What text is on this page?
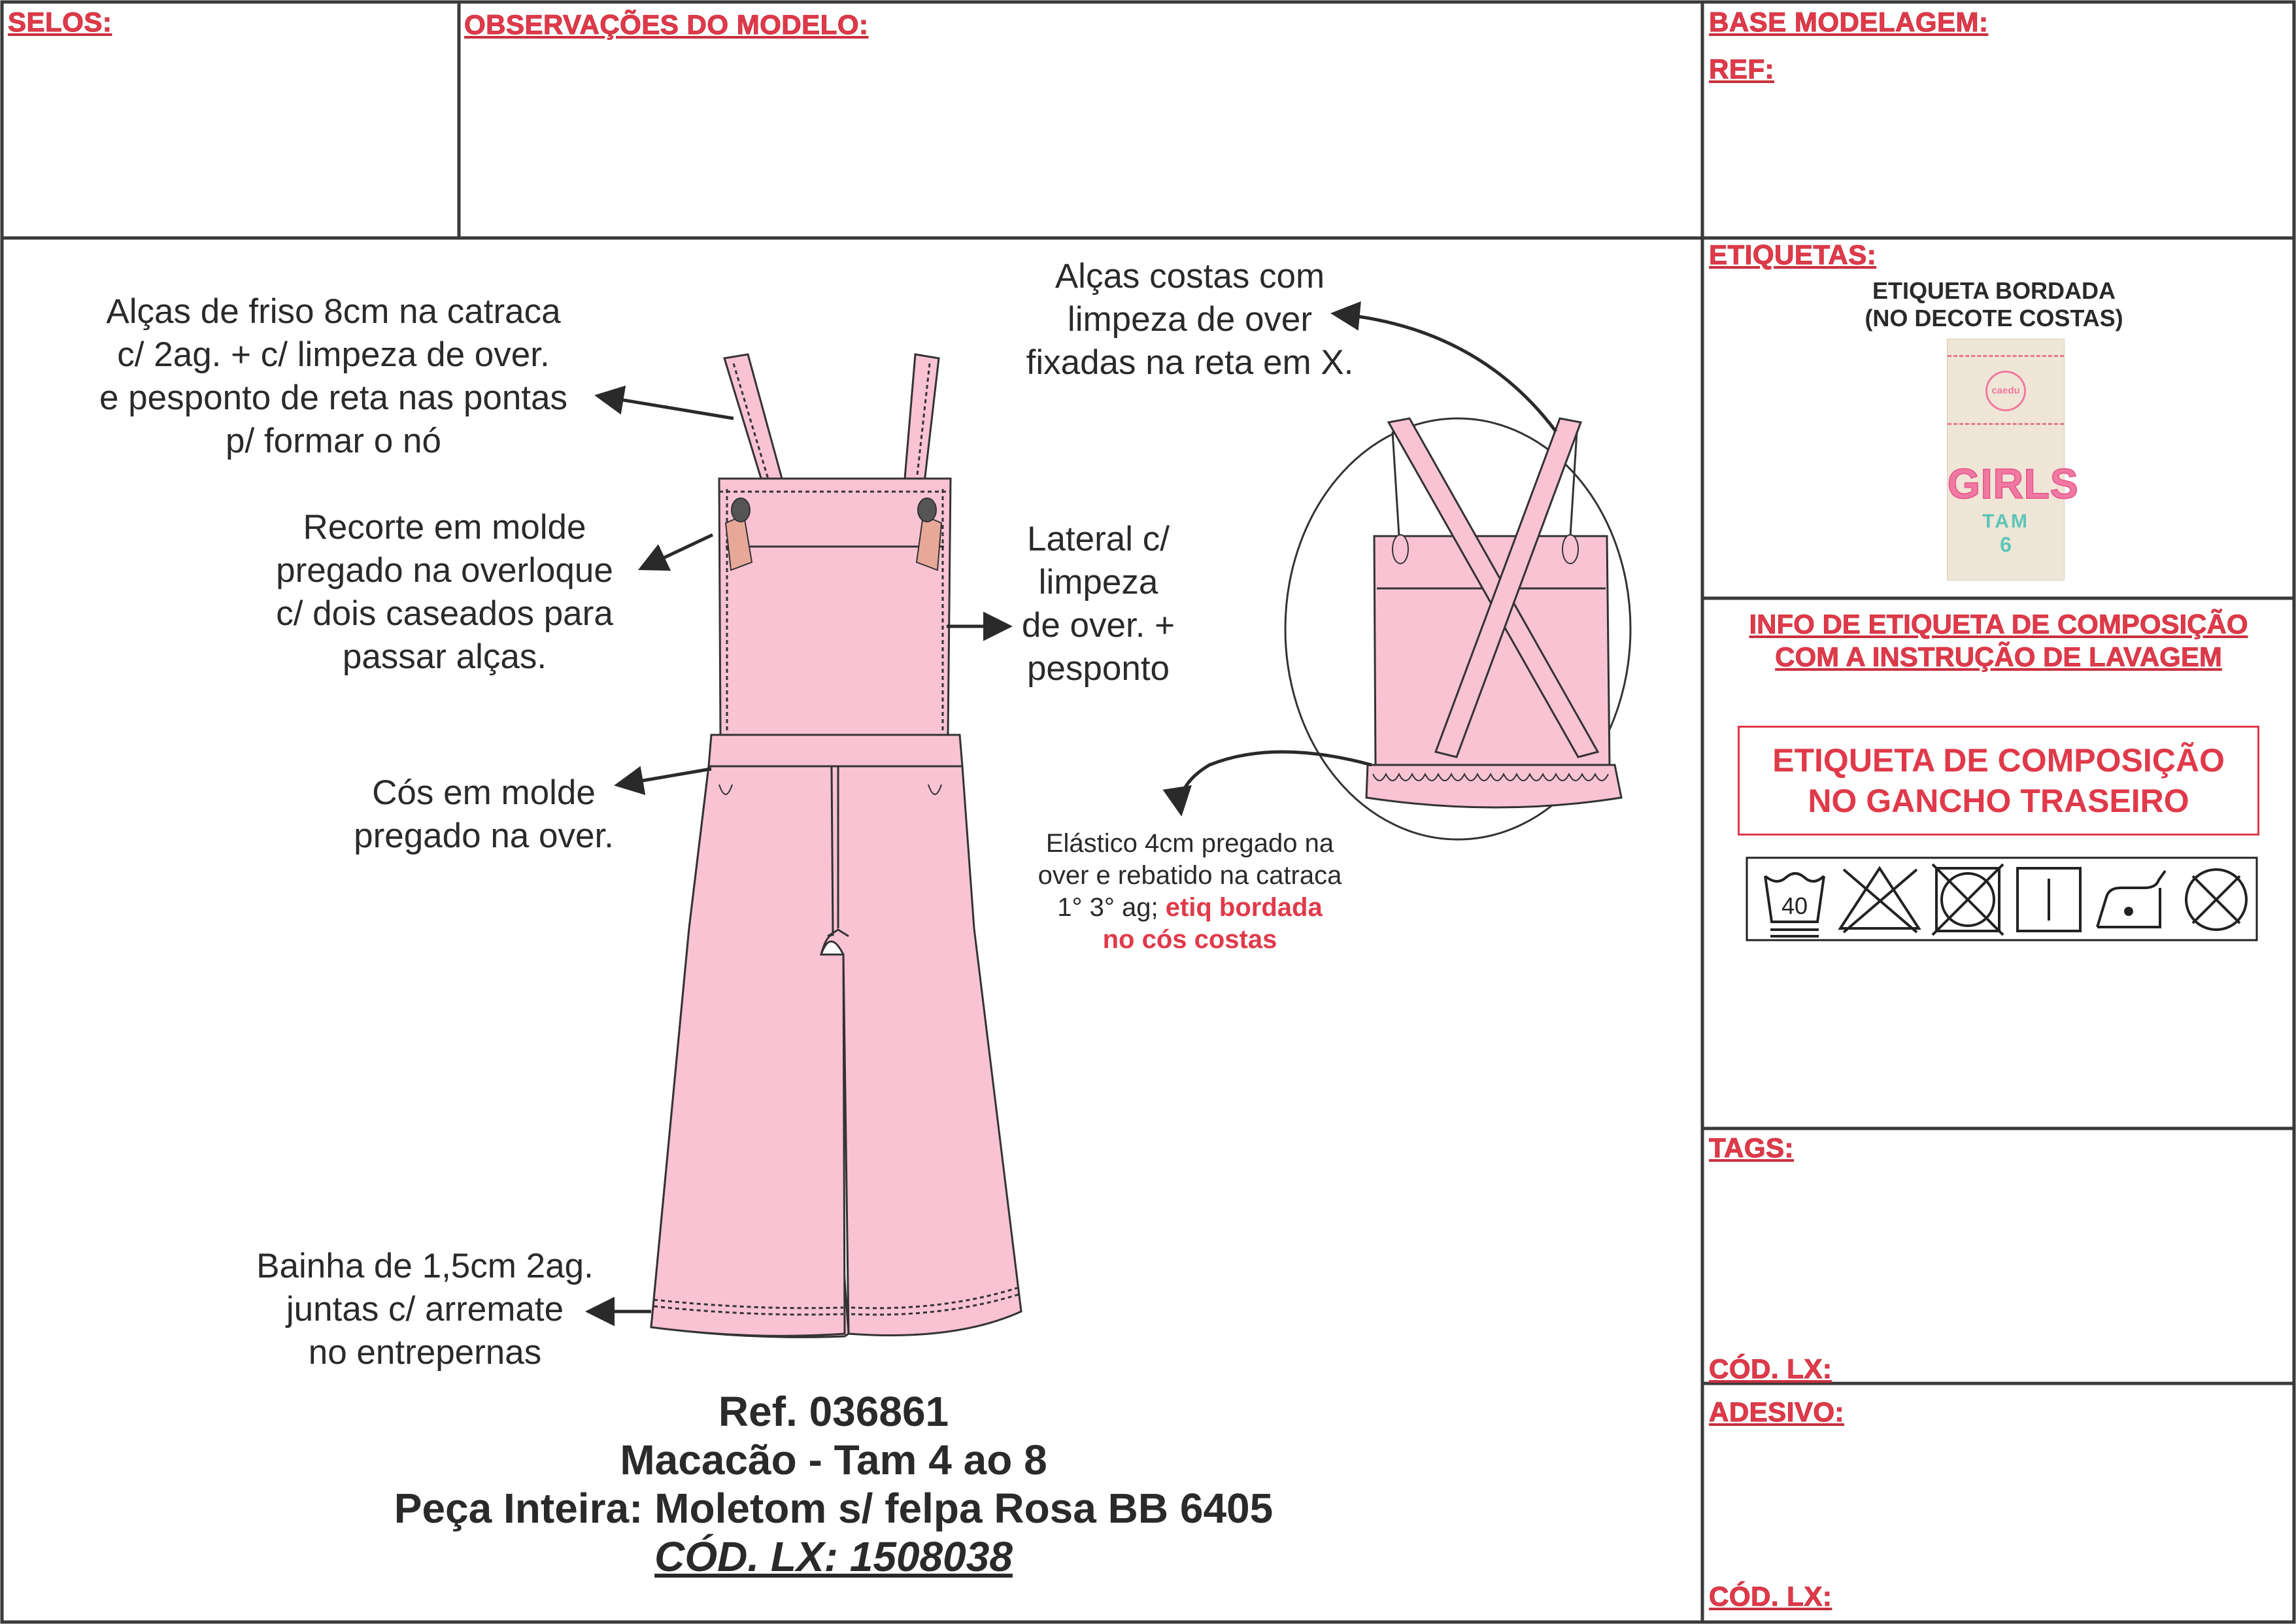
SELOS:	OBSERVAÇÕES DO MODELO:	BASE MODELAGEM:
REF:
ETIQUETAS:
TAGS:
CÓD. LX:
ADESIVO:
CÓD. LX:
ETIQUETA BORDADA
(NO DECOTE COSTAS)
caedu
GIRLS
TAM
6
INFO DE ETIQUETA DE COMPOSIÇÃO
COM A INSTRUÇÃO DE LAVAGEM
ETIQUETA DE COMPOSIÇÃO
NO GANCHO TRASEIRO
40
Alças de friso 8cm na catraca
c/ 2ag. + c/ limpeza de over.
e pesponto de reta nas pontas
p/ formar o nó
Recorte em molde
pregado na overloque
c/ dois caseados para
passar alças.
Cós em molde
pregado na over.
Bainha de 1,5cm 2ag.
juntas c/ arremate
no entrepernas
Lateral c/
limpeza
de over. +
pesponto
Alças costas com
limpeza de over
fixadas na reta em X.
Elástico 4cm pregado na
over e rebatido na catraca
1° 3° ag; etiq bordada
no cós costas
Ref. 036861
Macacão - Tam 4 ao 8
Peça Inteira: Moletom s/ felpa Rosa BB 6405
CÓD. LX: 1508038
